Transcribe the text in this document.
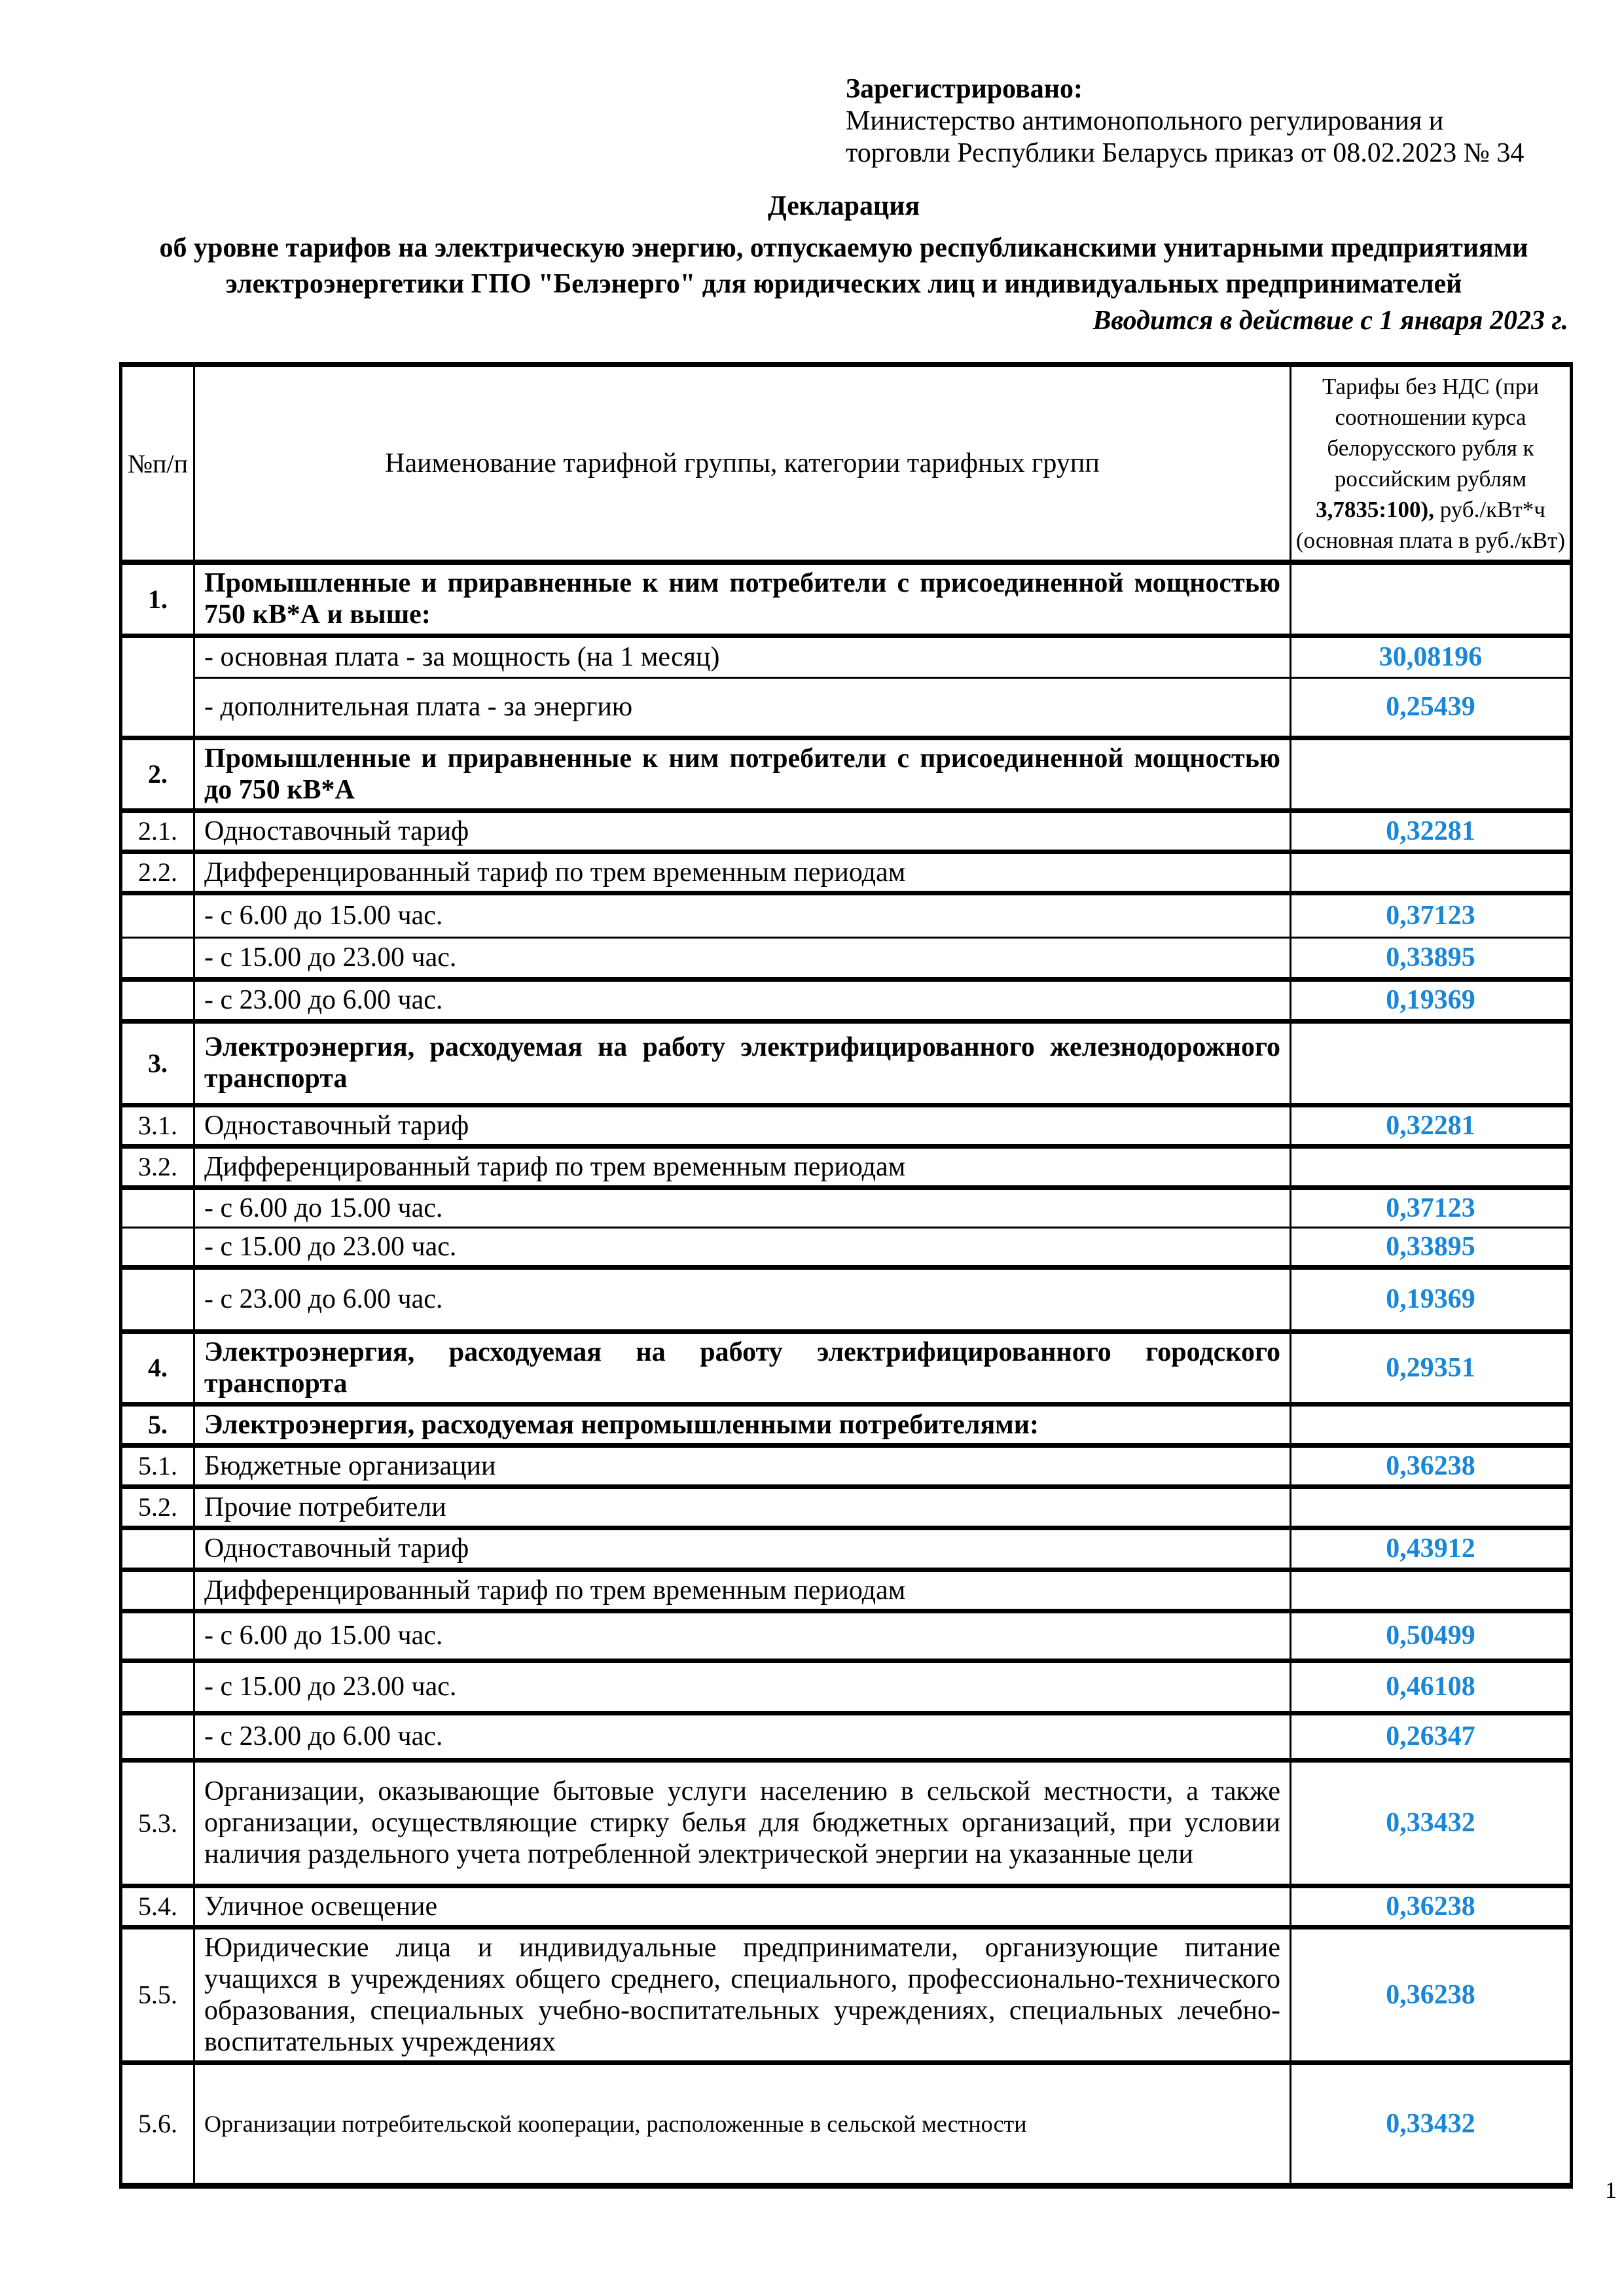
Зарегистрировано:
Министерство антимонопольного регулирования и
торговли Республики Беларусь приказ от 08.02.2023 № 34
Декларация
об уровне тарифов на электрическую энергию, отпускаемую республиканскими унитарными предприятиями
электроэнергетики ГПО "Белэнерго" для юридических лиц и индивидуальных предпринимателей
Вводится в действие с 1 января 2023 г.
№п/п	Наименование тарифной группы, категории тарифных групп	Тарифы без НДС (при соотношении курса белорусского рубля к российским рублям 3,7835:100), руб./кВт*ч (основная плата в руб./кВт)
1.	Промышленные и приравненные к ним потребители с присоединенной мощностью 750 кВ*А и выше:	
	- основная плата - за мощность (на 1 месяц)	30,08196
	- дополнительная плата - за энергию	0,25439
2.	Промышленные и приравненные к ним потребители с присоединенной мощностью до 750 кВ*А	
2.1.	Одноставочный тариф	0,32281
2.2.	Дифференцированный тариф по трем временным периодам	
	- с 6.00 до 15.00 час.	0,37123
	- с 15.00 до 23.00 час.	0,33895
	- с 23.00 до 6.00 час.	0,19369
3.	Электроэнергия, расходуемая на работу электрифицированного железнодорожного транспорта	
3.1.	Одноставочный тариф	0,32281
3.2.	Дифференцированный тариф по трем временным периодам	
	- с 6.00 до 15.00 час.	0,37123
	- с 15.00 до 23.00 час.	0,33895
	- с 23.00 до 6.00 час.	0,19369
4.	Электроэнергия, расходуемая на работу электрифицированного городского транспорта	0,29351
5.	Электроэнергия, расходуемая непромышленными потребителями:	
5.1.	Бюджетные организации	0,36238
5.2.	Прочие потребители	
	Одноставочный тариф	0,43912
	Дифференцированный тариф по трем временным периодам	
	- с 6.00 до 15.00 час.	0,50499
	- с 15.00 до 23.00 час.	0,46108
	- с 23.00 до 6.00 час.	0,26347
5.3.	Организации, оказывающие бытовые услуги населению в сельской местности, а также организации, осуществляющие стирку белья для бюджетных организаций, при условии наличия раздельного учета потребленной электрической энергии на указанные цели	0,33432
5.4.	Уличное освещение	0,36238
5.5.	Юридические лица и индивидуальные предприниматели, организующие питание учащихся в учреждениях общего среднего, специального, профессионально-технического образования, специальных учебно-воспитательных учреждениях, специальных лечебно-воспитательных учреждениях	0,36238
5.6.	Организации потребительской кооперации, расположенные в сельской местности	0,33432
1
